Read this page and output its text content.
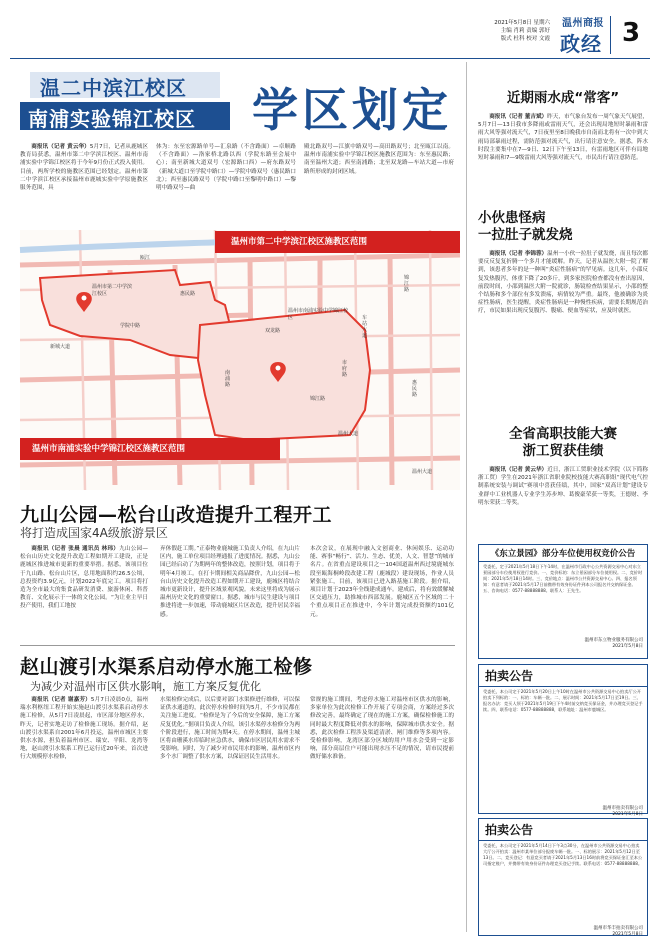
2021年5月8日 星期六
主编 肖莉 责编 郭好
版式 杜科 校对 文霞
温州商报
政经 3
温二中滨江校区
南浦实验锦江校区 学区划定

商报讯（记者 黄云华）5月7日，记者从鹿城区教育局获悉，温州市第二中学滨江校区、温州市南浦实验中学锦江校区将于今年9月份正式投入使用。目前，两所学校的施教区范围已经划定。温州市第二中学滨江校区承接温州市鹿城实验中学原施教区服务范围，具

体为：东至宏源路单号—汇泉路（不含路面）—卓顺路（不含路面）—洛家桥北路以西（学院东路至会展中心）；南至新城大道双号（宏源路口西）—府东路双号（新城大道口至学院中路口）—学院中路双号（惠民路口北）；西至惠民路双号（学院中路口至黎明中路口）—黎明中路双号—曲

殿北路双号—江旗中路双号—高田路双号；北至瓯江以南。温州市南浦实验中学锦江校区施教区范围为：东至惠民路；南至温州大道；西至南浦路；北至双龙路—车站大道—市府路所形成的封闭区域。

温州市第二中学滨江校区施教区范围
温州市南浦实验中学锦江校区施教区范围
温州市第二中学滨江校区
温州市南浦实验中学锦江校区
瓯江
学院中路
惠民路
车站大道
市府路
双龙路
锦江路
温州大道
新城大道
南浦路	惠民路
温州大道
锦江路
九山公园—松台山改造提升工程开工
将打造成国家4A级旅游景区

商报讯（记者 张晨 通讯员 林玮）九山公园—松台山历史文化提升改造工程如期开工建设，正是鹿城区推进城市更新的重要举措。据悉，该项目位于九山路、松台山片区，总用地面积约26.5公顷，总投资约3.9亿元，计划2022年底完工。项目将打造为全市最大的集食品研发消费、旅游休闲、科普教育、文化展示于一体的文化公园。“为让业主早日投产使用，我们工地按

弃休假赶工期。”正泰物业鹿城施工负责人介绍，在九山片区内，施工单位项目经理通报了进度情况。据悉，九山公园已经启动了为期两年的整体改造，按照计划，项目将于明年4月竣工。在打卡期间相关商品降价，九山公园—松台山历史文化提升改造工程如期开工建设，鹿城区将结合城市更新设计，提升区域景观风貌。未来这里将成为展示温州历史文化的重要窗口。据悉，城市与民生建设与项目推进将进一步加速，带动鹿城区片区改造，提升居民幸福感。

本次会议，在展现中融入文创商业、休闲娱乐、运动功能、赛事“畅行”、活力、生态、优美，人文、智慧”的城市名片。在省重点建设项目之一104国道温州西过境鹿城东段至瓯海桐岭段改建工程（鹿城段）建设现场，作业人员紧张施工，目前，该项目已进入路基施工阶段。据介绍，项目计划于2023年全线建成通车。建成后，将有效缓解城区交通压力，助推城市西部发展。鹿城区五个区域的二十个重点项目正在推进中，今年计划完成投资额约101亿元。

赵山渡引水渠系启动停水施工检修
为减少对温州市区供水影响，施工方案反复优化

商报讯（记者 谢嘉芳）5月7日凌晨0点，温州瑞水利枢纽工程开始实施赵山渡引水渠系启动停水施工检修，从5月7日凌晨起，市区部分地区停水，昨天，记者实地走访了检修施工现场。据介绍，赵山渡引水渠系自2001年6月投运，温州市城区主要供水水源，担负着温州市区、瑞安、平阳、龙湾等地，赵山渡引水渠系工程已运行近20年来，首次进行大规模停水检修，

水渠检修完成后，以后要对部门水渠修进行维修，可以保证供水通道的，此次停水检修时间为5月，不少市民都在关注施工进度。“检修是为了今后的安全保障，施工方案反复优化。”据项目负责人介绍，该引水渠停水检修分为两个阶段进行，施工时间为期4天。在停水期间，温州主城区将由珊溪水库临时应急供水，确保市区居民用水需求不受影响。同时，为了减少对市民用水的影响，温州市区内多个水厂调整了供水方案，以保证居民生活用水。

常规的施工期间，考虑停水施工对温州市区供水的影响，多家单位为此次检修工作开展了专项会商，方案经过多次修改完善，最终确定了现在的施工方案，确保检修施工的同时最大程度降低对供水的影响，保障城市供水安全。据悉，此次检修工程涉及渠道清淤、闸门维修等多项内容。受检修影响，龙湾区部分区域的用户用水会受到一定影响，部分高层住户可能出现水压不足的情况，请市民提前做好储水准备。

近期雨水成“常客”

商报讯（记者 董吉斌）昨天，市气象台发布一周气象天气展望，5月7日—13日我市多降雨或雷雨天气，还会出现局地短时暴雨和雷雨大风等强对流天气，7日夜里至8日晚我市自南而北将有一次中到大雨局部暴雨过程，需防范强对流天气，出行请注意安全。据悉，阵水时段主要集中在7—9日、12日下午至13日，有雷雨地区可伴有局地短时暴雨和7—9级雷雨大风等强对流天气，市民出行请注意防范。

小伙患怪病
一拉肚子就发烧

商报讯（记者 李锦蓉）温州一小伙一拉肚子就发烧，而且每次都要反反复复折腾一个多月才能缓解。昨天，记者从温医大附一院了解到，该患者多年的是一种叫“炎症性肠病”的罕见病。这几年，小邵反复发热腹泻，体重下降了20多斤，到多家医院检查都没有查出原因，前段时间，小邵到温医大附一院就诊，肠镜检查结果显示，小邵的整个结肠和多个部位有多发溃疡，病情较为严重。最终，他被确诊为炎症性肠病，医生提醒，炎症性肠病是一种慢性疾病，需要长期规范治疗，市民如果出现反复腹泻、腹痛、便血等症状，应及时就医。

全省高职技能大赛
浙工贸获佳绩

商报讯（记者 黄云华）近日，浙江工贸职业技术学院（以下简称浙工贸）学生在2021年浙江省职业院校技能大赛高职组“现代电气控制系统安装与调试”赛项中喜获佳绩，其中，国家“双高计划”建设专业群中工业机器人专业学生苏步坤、葛俊豪荣获一等奖，王德财、李明东荣获二等奖。

《东立景园》部分车位使用权竞价公告

受委托，定于2021年5月18日下午14时，在温州市行政中心公共资源交易中心对东立景园部分车位使用权进行竞价。一、竞价标的：东立景园部分车位使用权。二、竞价时间：2021年5月18日14时。三、竞价地点：温州市公共资源交易中心。四、报名须知：有意者请于2021年5月17日前携带有效身份证件到本公司报名并交纳保证金。五、咨询电话：0577-88888888。联系人：王先生。

温州市东立物业服务有限公司
2021年5月8日
拍卖公告

受委托，本公司定于2021年5月20日上午10时在温州市公共资源交易中心拍卖厅公开拍卖下列标的：一、标的：车辆一批。二、展示时间：2021年5月17日至19日。三、报名办法：竞买人须于2021年5月19日下午4时前交纳竞买保证金，并办理竞买登记手续。四、联系电话：0577-88888888，联系地址：温州市鹿城区。

温州市拍卖有限公司
2021年5月8日
拍卖公告

受委托，本公司定于2021年5月14日下午3点30分，在温州市公共资源交易中心拍卖大厅公开拍卖：温州市某单位部分报废车辆一批。一、标的展示：2021年5月12日至13日。二、竞买登记：有意竞买者请于2021年5月13日16时前将竞买保证金汇至本公司指定账户，并携带有效身份证件办理竞买登记手续。联系电话：0577-88888888。

温州市华丰拍卖有限公司
2021年5月8日
